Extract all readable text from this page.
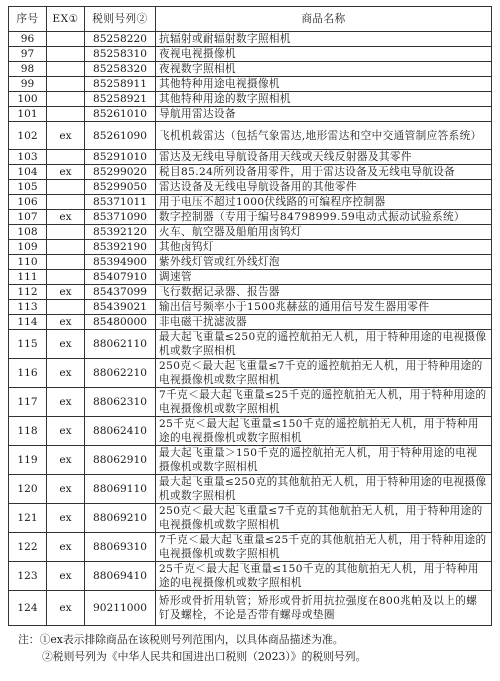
序号	EX①	税则号列②	商品名称
96		85258220	抗辐射或耐辐射数字照相机
97		85258310	夜视电视摄像机
98		85258320	夜视数字照相机
99		85258911	其他特种用途电视摄像机
100		85258921	其他特种用途的数字照相机
101		85261010	导航用雷达设备
102	ex	85261090	飞机机载雷达（包括气象雷达,地形雷达和空中交通管制应答系统）
103		85291010	雷达及无线电导航设备用天线或天线反射器及其零件
104	ex	85299020	税目85.24所列设备用零件，用于雷达设备及无线电导航设备
105		85299050	雷达设备及无线电导航设备用的其他零件
106		85371011	用于电压不超过1000伏线路的可编程序控制器
107	ex	85371090	数字控制器（专用于编号84798999.59电动式振动试验系统）
108		85392120	火车、航空器及船舶用卤钨灯
109		85392190	其他卤钨灯
110		85394900	紫外线灯管或红外线灯泡
111		85407910	调速管
112	ex	85437099	飞行数据记录器、报告器
113		85439021	输出信号频率小于1500兆赫兹的通用信号发生器用零件
114	ex	85480000	非电磁干扰滤波器
115	ex	88062110	最大起飞重量≤250克的遥控航拍无人机，用于特种用途的电视摄像机或数字照相机
116	ex	88062210	250克＜最大起飞重量≤7千克的遥控航拍无人机，用于特种用途的电视摄像机或数字照相机
117	ex	88062310	7千克＜最大起飞重量≤25千克的遥控航拍无人机，用于特种用途的电视摄像机或数字照相机
118	ex	88062410	25千克＜最大起飞重量≤150千克的遥控航拍无人机，用于特种用途的电视摄像机或数字照相机
119	ex	88062910	最大起飞重量＞150千克的遥控航拍无人机，用于特种用途的电视摄像机或数字照相机
120	ex	88069110	最大起飞重量≤250克的其他航拍无人机，用于特种用途的电视摄像机或数字照相机
121	ex	88069210	250克＜最大起飞重量≤7千克的其他航拍无人机，用于特种用途的电视摄像机或数字照相机
122	ex	88069310	7千克＜最大起飞重量≤25千克的其他航拍无人机，用于特种用途的电视摄像机或数字照相机
123	ex	88069410	25千克＜最大起飞重量≤150千克的其他航拍无人机，用于特种用途的电视摄像机或数字照相机
124	ex	90211000	矫形或骨折用轨管；矫形或骨折用抗拉强度在800兆帕及以上的螺钉及螺栓，不论是否带有螺母或垫圈
注：①ex表示排除商品在该税则号列范围内，以具体商品描述为准。
②税则号列为《中华人民共和国进出口税则（2023）》的税则号列。
